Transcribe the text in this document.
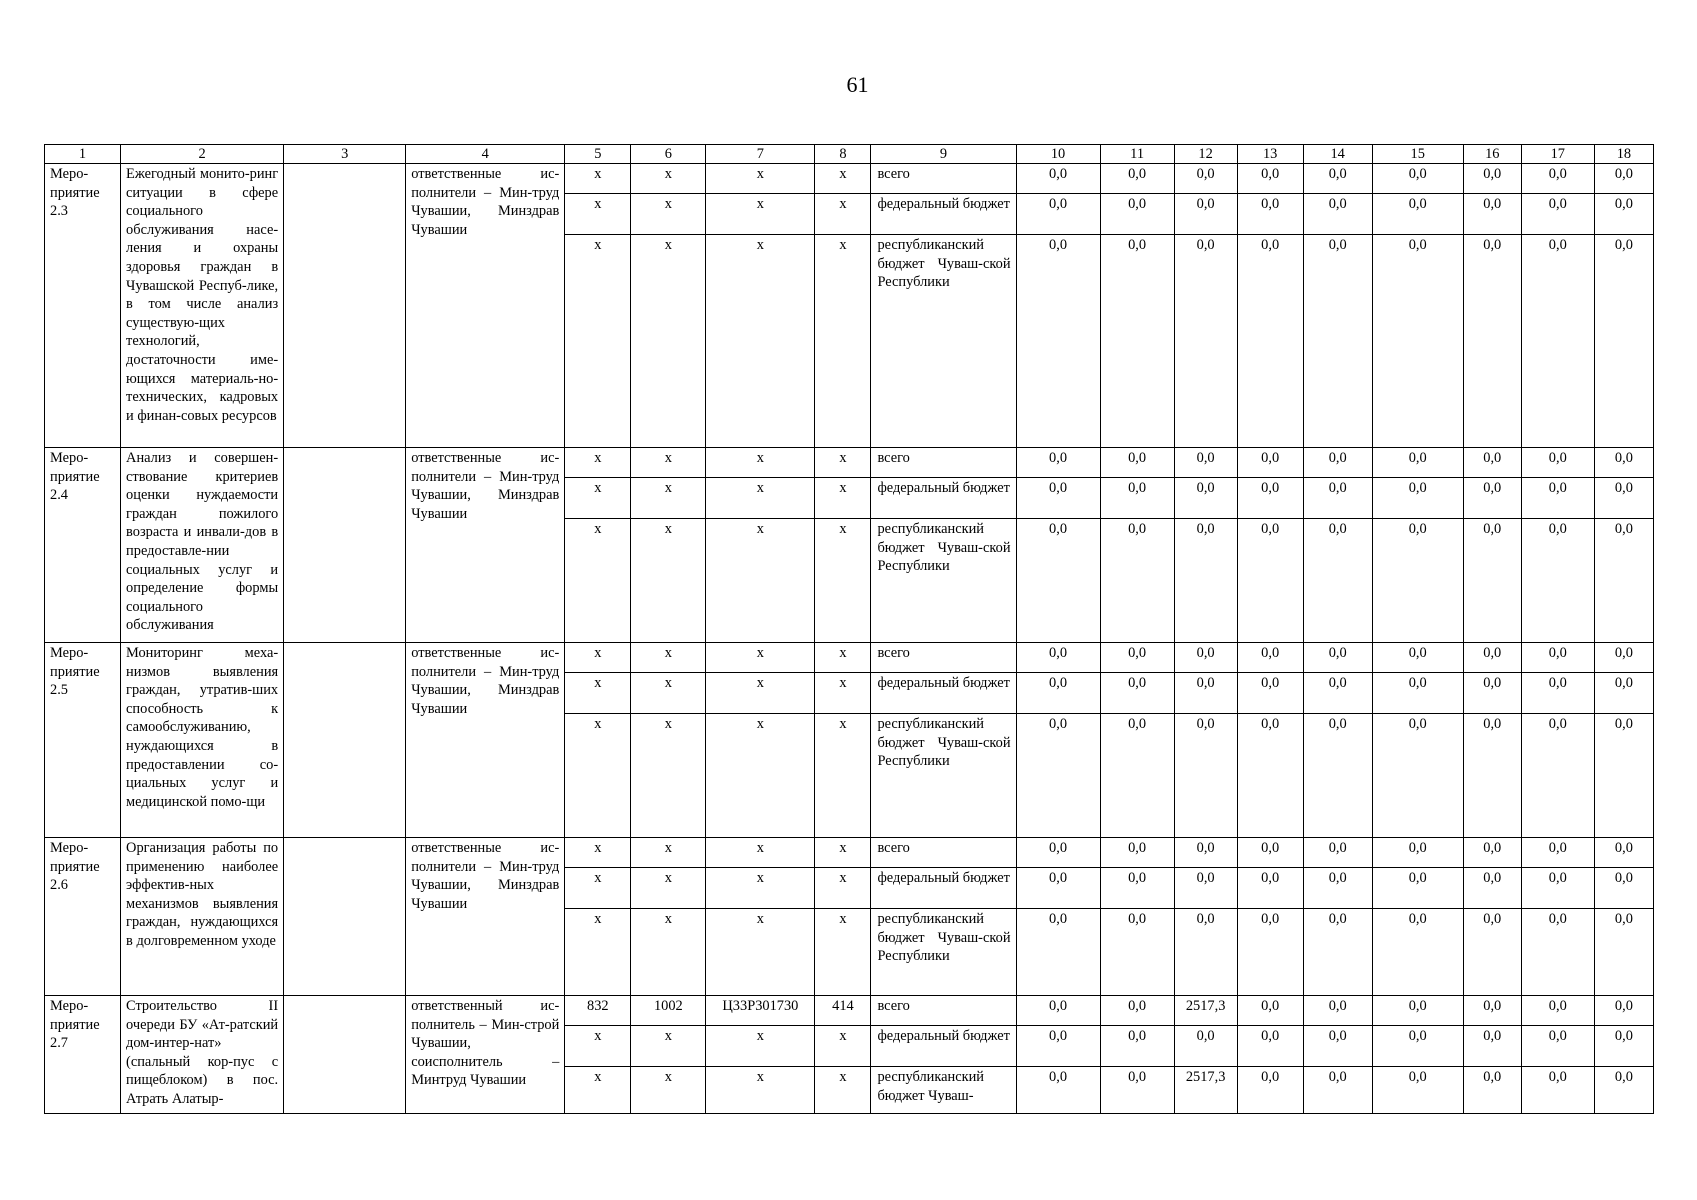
61
1	2	3	4	5	6	7	8	9	10	11	12	13	14	15	16	17	18
Меро-приятие 2.3	Ежегодный монито-ринг ситуации в сфере социального обслуживания насе-ления и охраны здоровья граждан в Чувашской Респуб-лике, в том числе анализ существую-щих технологий, достаточности име-ющихся материаль-но-технических, кадровых и финан-совых ресурсов		ответственные ис-полнители – Мин-труд Чувашии, Минздрав Чувашии	x	x	x	x	всего	0,0	0,0	0,0	0,0	0,0	0,0	0,0	0,0	0,0
				x	x	x	x	федеральный бюджет	0,0	0,0	0,0	0,0	0,0	0,0	0,0	0,0	0,0
				x	x	x	x	республиканский бюджет Чуваш-ской Республики	0,0	0,0	0,0	0,0	0,0	0,0	0,0	0,0	0,0
Меро-приятие 2.4	Анализ и совершен-ствование критериев оценки нуждаемости граждан пожилого возраста и инвали-дов в предоставле-нии социальных услуг и определение формы социального обслуживания		ответственные ис-полнители – Мин-труд Чувашии, Минздрав Чувашии	x	x	x	x	всего	0,0	0,0	0,0	0,0	0,0	0,0	0,0	0,0	0,0
				x	x	x	x	федеральный бюджет	0,0	0,0	0,0	0,0	0,0	0,0	0,0	0,0	0,0
				x	x	x	x	республиканский бюджет Чуваш-ской Республики	0,0	0,0	0,0	0,0	0,0	0,0	0,0	0,0	0,0
Меро-приятие 2.5	Мониторинг меха-низмов выявления граждан, утратив-ших способность к самообслуживанию, нуждающихся в предоставлении со-циальных услуг и медицинской помо-щи		ответственные ис-полнители – Мин-труд Чувашии, Минздрав Чувашии	x	x	x	x	всего	0,0	0,0	0,0	0,0	0,0	0,0	0,0	0,0	0,0
				x	x	x	x	федеральный бюджет	0,0	0,0	0,0	0,0	0,0	0,0	0,0	0,0	0,0
				x	x	x	x	республиканский бюджет Чуваш-ской Республики	0,0	0,0	0,0	0,0	0,0	0,0	0,0	0,0	0,0
Меро-приятие 2.6	Организация работы по применению наиболее эффектив-ных механизмов выявления граждан, нуждающихся в долговременном уходе		ответственные ис-полнители – Мин-труд Чувашии, Минздрав Чувашии	x	x	x	x	всего	0,0	0,0	0,0	0,0	0,0	0,0	0,0	0,0	0,0
				x	x	x	x	федеральный бюджет	0,0	0,0	0,0	0,0	0,0	0,0	0,0	0,0	0,0
				x	x	x	x	республиканский бюджет Чуваш-ской Республики	0,0	0,0	0,0	0,0	0,0	0,0	0,0	0,0	0,0
Меро-приятие 2.7	Строительство II очереди БУ «Ат-ратский дом-интер-нат» (спальный кор-пус с пищеблоком) в пос. Атрать Алатыр-		ответственный ис-полнитель – Мин-строй Чувашии, соисполнитель – Минтруд Чувашии	832	1002	Ц33Р301730	414	всего	0,0	0,0	2517,3	0,0	0,0	0,0	0,0	0,0	0,0
				x	x	x	x	федеральный бюджет	0,0	0,0	0,0	0,0	0,0	0,0	0,0	0,0	0,0
				x	x	x	x	республиканский бюджет Чуваш-	0,0	0,0	2517,3	0,0	0,0	0,0	0,0	0,0	0,0
